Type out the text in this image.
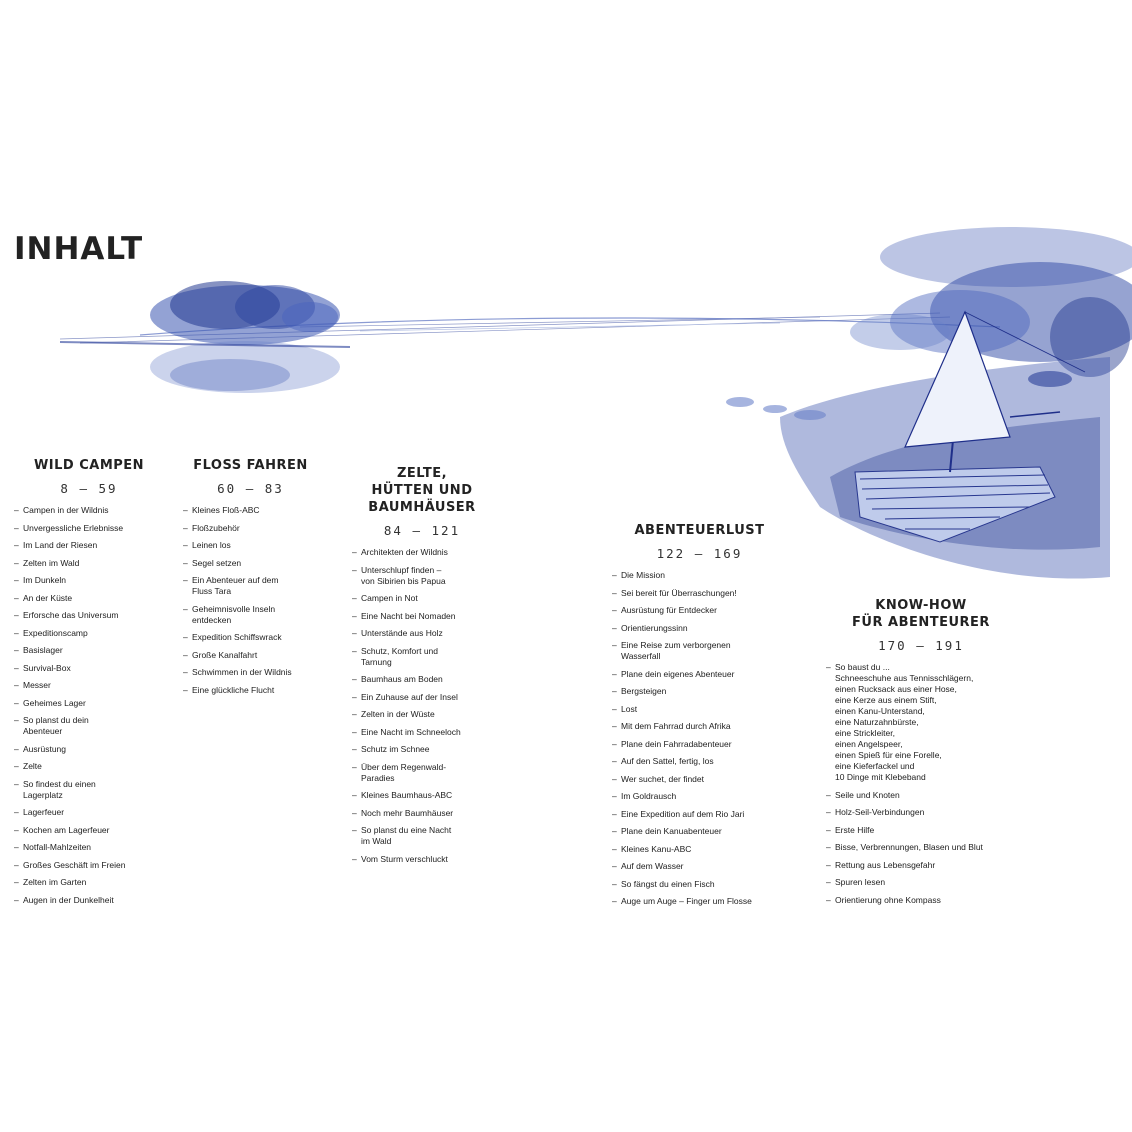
INHALT
WILD CAMPEN
8 — 59
– Campen in der Wildnis
– Unvergessliche Erlebnisse
– Im Land der Riesen
– Zelten im Wald
– Im Dunkeln
– An der Küste
– Erforsche das Universum
– Expeditionscamp
– Basislager
– Survival-Box
– Messer
– Geheimes Lager
– So planst du dein
Abenteuer
– Ausrüstung
– Zelte
– So findest du einen
Lagerplatz
– Lagerfeuer
– Kochen am Lagerfeuer
– Notfall-Mahlzeiten
– Großes Geschäft im Freien
– Zelten im Garten
– Augen in der Dunkelheit
FLOSS FAHREN
60 — 83
– Kleines Floß-ABC
– Floßzubehör
– Leinen los
– Segel setzen
– Ein Abenteuer auf dem
Fluss Tara
– Geheimnisvolle Inseln
entdecken
– Expedition Schiffswrack
– Große Kanalfahrt
– Schwimmen in der Wildnis
– Eine glückliche Flucht
ZELTE,
HÜTTEN UND
BAUMHÄUSER
84 — 121
– Architekten der Wildnis
– Unterschlupf finden –
von Sibirien bis Papua
– Campen in Not
– Eine Nacht bei Nomaden
– Unterstände aus Holz
– Schutz, Komfort und
Tarnung
– Baumhaus am Boden
– Ein Zuhause auf der Insel
– Zelten in der Wüste
– Eine Nacht im Schneeloch
– Schutz im Schnee
– Über dem Regenwald-
Paradies
– Kleines Baumhaus-ABC
– Noch mehr Baumhäuser
– So planst du eine Nacht
im Wald
– Vom Sturm verschluckt
ABENTEUERLUST
122 — 169
– Die Mission
– Sei bereit für Überraschungen!
– Ausrüstung für Entdecker
– Orientierungssinn
– Eine Reise zum verborgenen
Wasserfall
– Plane dein eigenes Abenteuer
– Bergsteigen
– Lost
– Mit dem Fahrrad durch Afrika
– Plane dein Fahrradabenteuer
– Auf den Sattel, fertig, los
– Wer suchet, der findet
– Im Goldrausch
– Eine Expedition auf dem Rio Jari
– Plane dein Kanuabenteuer
– Kleines Kanu-ABC
– Auf dem Wasser
– So fängst du einen Fisch
– Auge um Auge – Finger um Flosse
KNOW-HOW
FÜR ABENTEURER
170 — 191
– So baust du ...
Schneeschuhe aus Tennisschlägern,
einen Rucksack aus einer Hose,
eine Kerze aus einem Stift,
einen Kanu-Unterstand,
eine Naturzahnbürste,
eine Strickleiter,
einen Angelspeer,
einen Spieß für eine Forelle,
eine Kieferfackel und
10 Dinge mit Klebeband
– Seile und Knoten
– Holz-Seil-Verbindungen
– Erste Hilfe
– Bisse, Verbrennungen, Blasen und Blut
– Rettung aus Lebensgefahr
– Spuren lesen
– Orientierung ohne Kompass
